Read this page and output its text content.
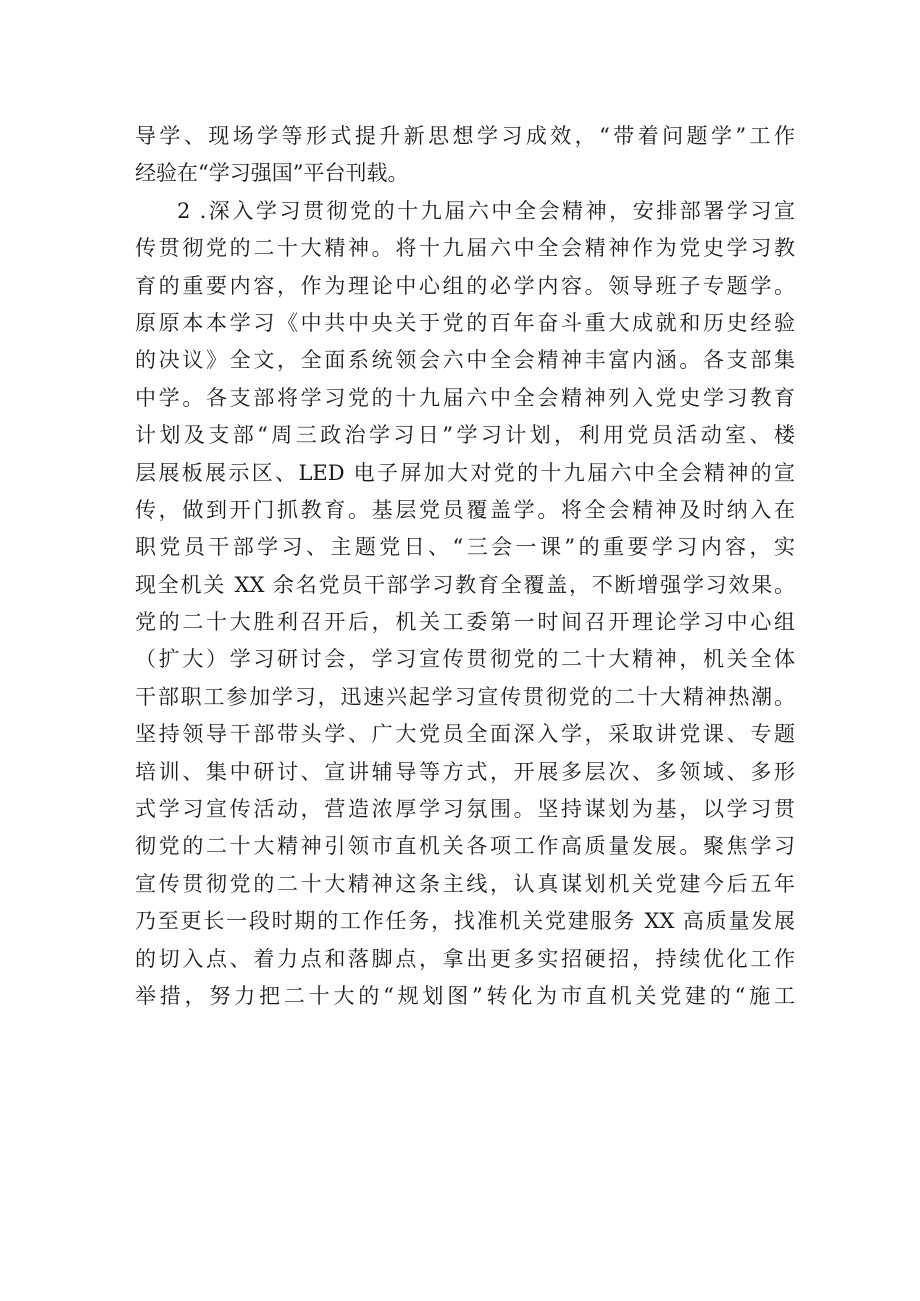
导学、现场学等形式提升新思想学习成效，“带着问题学”工作
经验在“学习强国”平台刊载。
2 .深入学习贯彻党的十九届六中全会精神，安排部署学习宣
传贯彻党的二十大精神。将十九届六中全会精神作为党史学习教
育的重要内容，作为理论中心组的必学内容。领导班子专题学。
原原本本学习《中共中央关于党的百年奋斗重大成就和历史经验
的决议》全文，全面系统领会六中全会精神丰富内涵。各支部集
中学。各支部将学习党的十九届六中全会精神列入党史学习教育
计划及支部“周三政治学习日”学习计划，利用党员活动室、楼
层展板展示区、LED 电子屏加大对党的十九届六中全会精神的宣
传，做到开门抓教育。基层党员覆盖学。将全会精神及时纳入在
职党员干部学习、主题党日、“三会一课”的重要学习内容，实
现全机关 XX 余名党员干部学习教育全覆盖，不断增强学习效果。
党的二十大胜利召开后，机关工委第一时间召开理论学习中心组
（扩大）学习研讨会，学习宣传贯彻党的二十大精神，机关全体
干部职工参加学习，迅速兴起学习宣传贯彻党的二十大精神热潮。
坚持领导干部带头学、广大党员全面深入学，采取讲党课、专题
培训、集中研讨、宣讲辅导等方式，开展多层次、多领域、多形
式学习宣传活动，营造浓厚学习氛围。坚持谋划为基，以学习贯
彻党的二十大精神引领市直机关各项工作高质量发展。聚焦学习
宣传贯彻党的二十大精神这条主线，认真谋划机关党建今后五年
乃至更长一段时期的工作任务，找准机关党建服务 XX 高质量发展
的切入点、着力点和落脚点，拿出更多实招硬招，持续优化工作
举措，努力把二十大的“规划图”转化为市直机关党建的“施工
